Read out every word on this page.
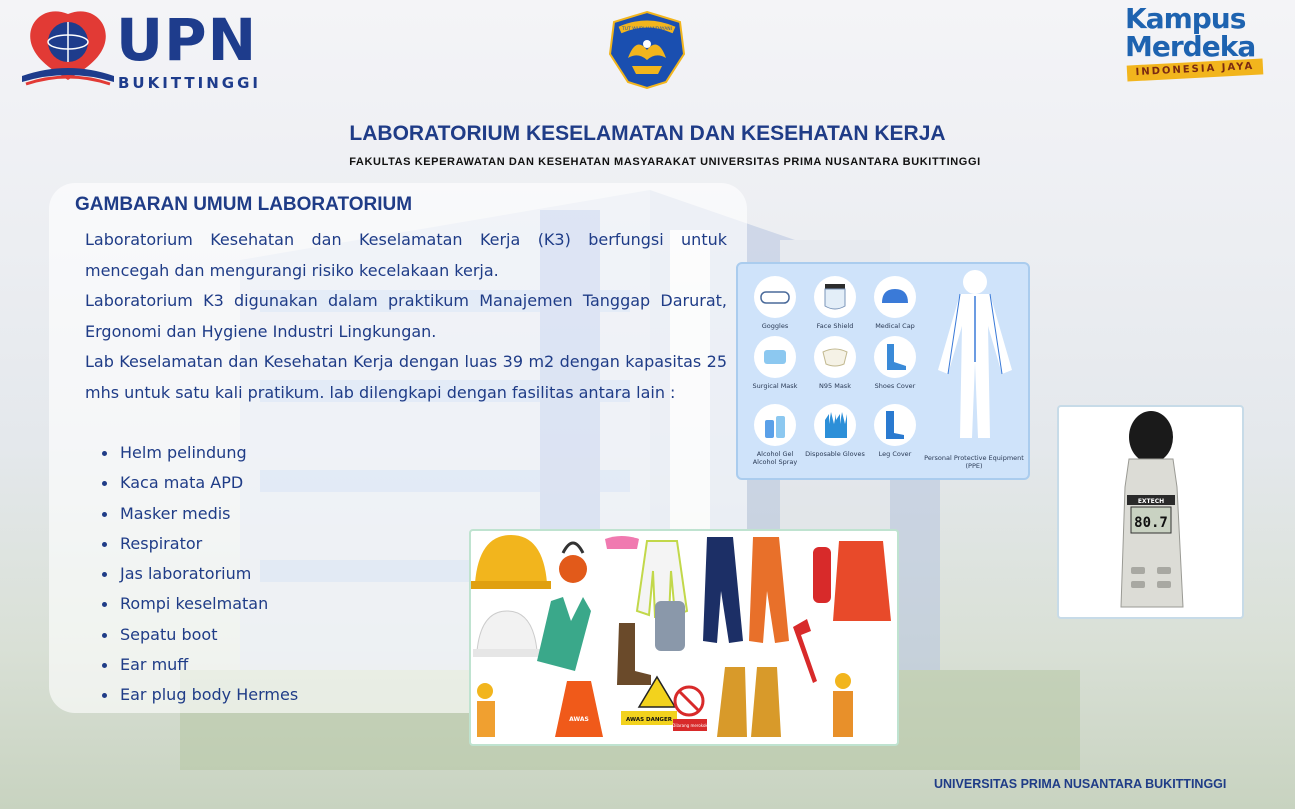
UPN
BUKITTINGGI
TUT WURI HANDAYANI	Kampus
Merdeka
INDONESIA JAYA
LABORATORIUM KESELAMATAN DAN KESEHATAN KERJA
FAKULTAS KEPERAWATAN DAN KESEHATAN MASYARAKAT UNIVERSITAS PRIMA NUSANTARA BUKITTINGGI
GAMBARAN UMUM LABORATORIUM

Laboratorium Kesehatan dan Keselamatan Kerja (K3) berfungsi untuk mencegah dan mengurangi risiko kecelakaan kerja.

Laboratorium K3 digunakan dalam praktikum Manajemen Tanggap Darurat, Ergonomi dan Hygiene Industri Lingkungan.

Lab Keselamatan dan Kesehatan Kerja dengan luas 39 m2 dengan kapasitas 25 mhs untuk satu kali pratikum. lab dilengkapi dengan fasilitas antara lain :

Helm pelindung
Kaca mata APD
Masker medis
Respirator
Jas laboratorium
Rompi keselmatan
Sepatu boot
Ear muff
Ear plug body Hermes
Goggles	Face Shield	Medical Cap
Surgical Mask	N95 Mask	Shoes Cover
Alcohol Gel Alcohol Spray
Disposable Gloves	Leg Cover	Personal Protective Equipment (PPE)
EXTECH
80.7
AWAS	AWAS DANGER
Dilarang merokok
UNIVERSITAS PRIMA NUSANTARA BUKITTINGGI
